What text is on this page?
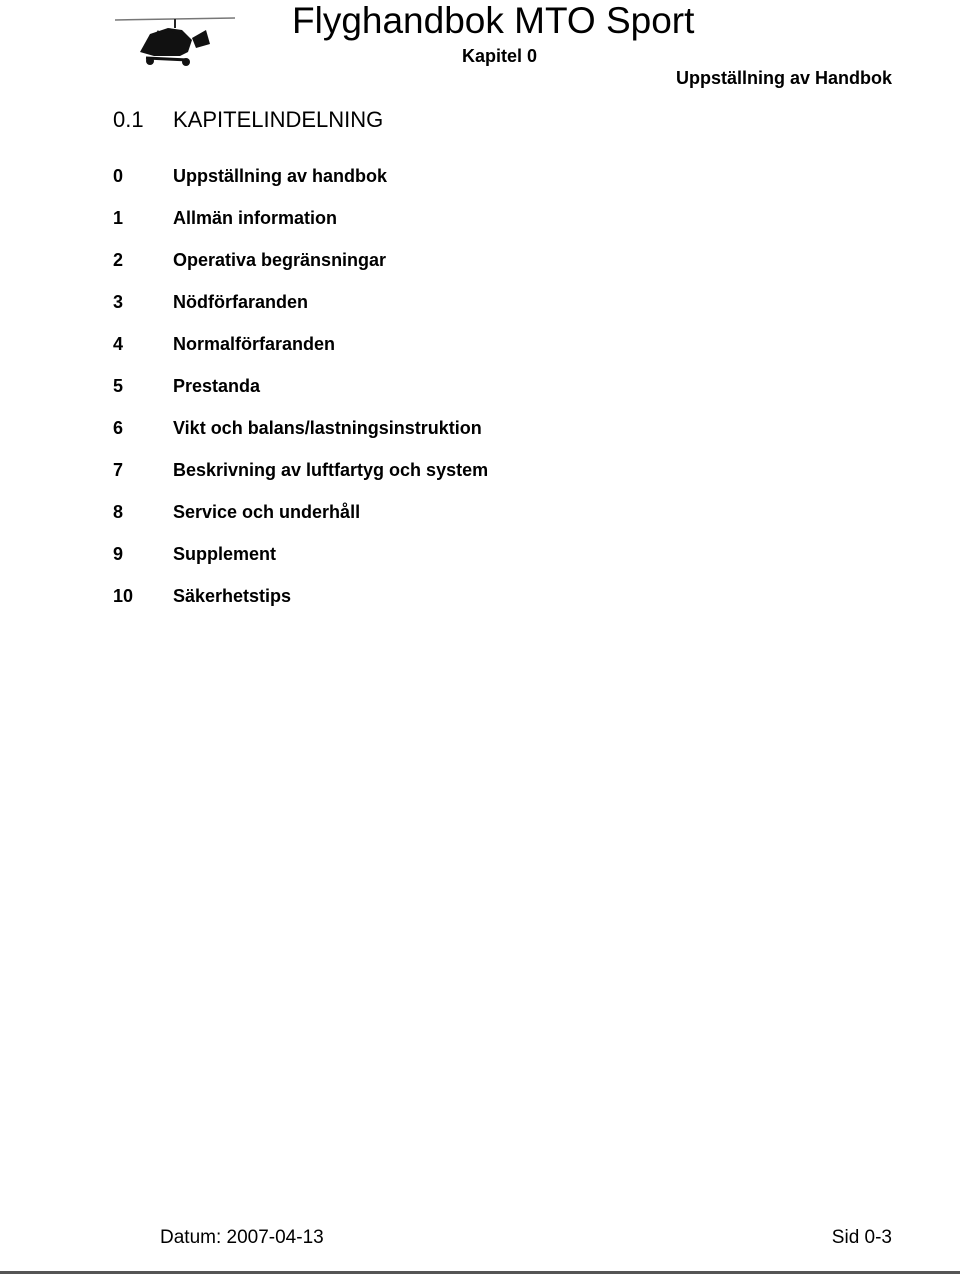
Flyghandbok MTO Sport
Kapitel 0
Uppställning av Handbok
0.1 KAPITELINDELNING
0	Uppställning av handbok
1	Allmän information
2	Operativa begränsningar
3	Nödförfaranden
4	Normalförfaranden
5	Prestanda
6	Vikt och balans/lastningsinstruktion
7	Beskrivning av luftfartyg och system
8	Service och underhåll
9	Supplement
10 Säkerhetstips
Datum: 2007-04-13	Sid 0-3
